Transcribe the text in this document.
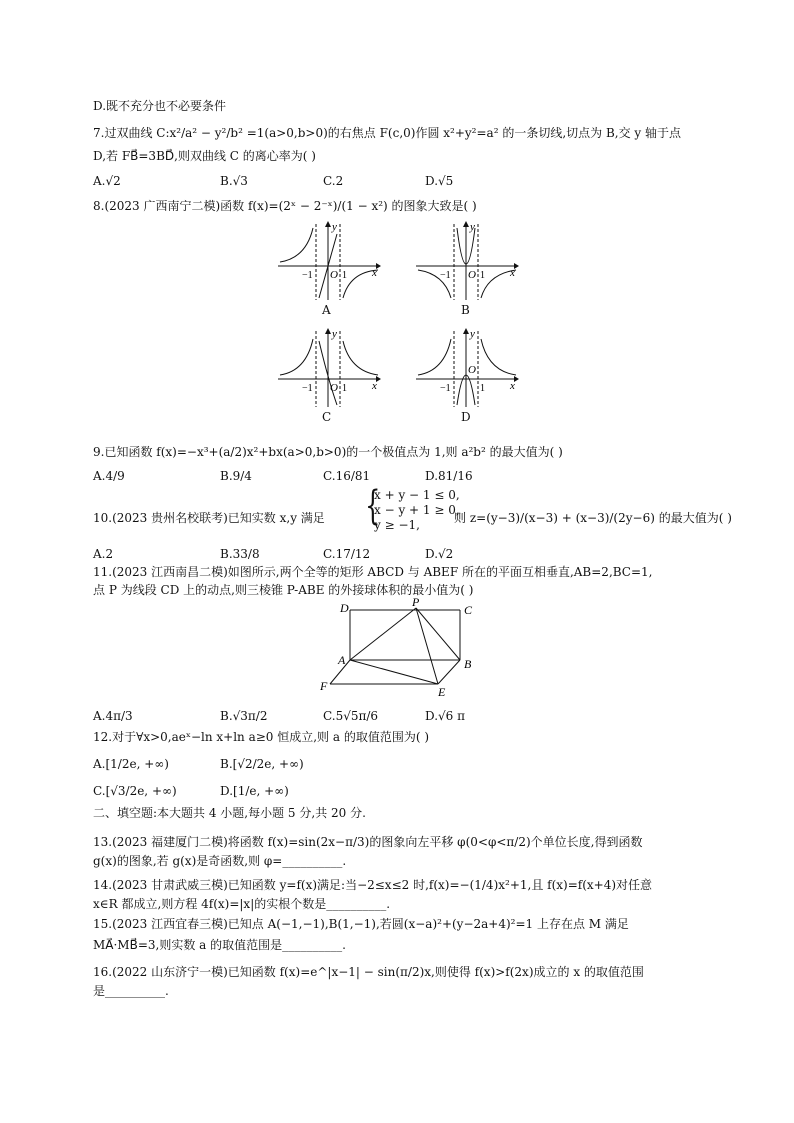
D.既不充分也不必要条件
7.过双曲线 C:x²/a² − y²/b² =1(a>0,b>0)的右焦点 F(c,0)作圆 x²+y²=a² 的一条切线,切点为 B,交 y 轴于点
D,若 FB⃗=3BD⃗,则双曲线 C 的离心率为( )
A.√2	B.√3	C.2	D.√5
8.(2023 广西南宁二模)函数 f(x)=(2ˣ − 2⁻ˣ)/(1 − x²) 的图象大致是( )
−1 O 1 x
y
A
−1 O 1 x
y
B
−1 O 1 x
y
C
−1
O
1 x
y
D
9.已知函数 f(x)=−x³+(a/2)x²+bx(a>0,b>0)的一个极值点为 1,则 a²b² 的最大值为( )
A.4/9	B.9/4	C.16/81	D.81/16
10.(2023 贵州名校联考)已知实数 x,y 满足 {
x + y − 1 ≤ 0,
x − y + 1 ≥ 0,
y ≥ −1,	则 z=(y−3)/(x−3) + (x−3)/(2y−6) 的最大值为( )
A.2	B.33/8	C.17/12	D.√2
11.(2023 江西南昌二模)如图所示,两个全等的矩形 ABCD 与 ABEF 所在的平面互相垂直,AB=2,BC=1,
点 P 为线段 CD 上的动点,则三棱锥 P-ABE 的外接球体积的最小值为( )
D	P
C
A	B
F	E
A.4π/3	B.√3π/2	C.5√5π/6	D.√6 π
12.对于∀x>0,aeˣ−ln x+ln a≥0 恒成立,则 a 的取值范围为( )
A.[1/2e, +∞)	B.[√2/2e, +∞)
C.[√3/2e, +∞)	D.[1/e, +∞)
二、填空题:本大题共 4 小题,每小题 5 分,共 20 分.
13.(2023 福建厦门二模)将函数 f(x)=sin(2x−π/3)的图象向左平移 φ(0<φ<π/2)个单位长度,得到函数
g(x)的图象,若 g(x)是奇函数,则 φ=__________.
14.(2023 甘肃武威三模)已知函数 y=f(x)满足:当−2≤x≤2 时,f(x)=−(1/4)x²+1,且 f(x)=f(x+4)对任意
x∈R 都成立,则方程 4f(x)=|x|的实根个数是__________.
15.(2023 江西宜春三模)已知点 A(−1,−1),B(1,−1),若圆(x−a)²+(y−2a+4)²=1 上存在点 M 满足
MA⃗·MB⃗=3,则实数 a 的取值范围是__________.
16.(2022 山东济宁一模)已知函数 f(x)=e^|x−1| − sin(π/2)x,则使得 f(x)>f(2x)成立的 x 的取值范围
是__________.
